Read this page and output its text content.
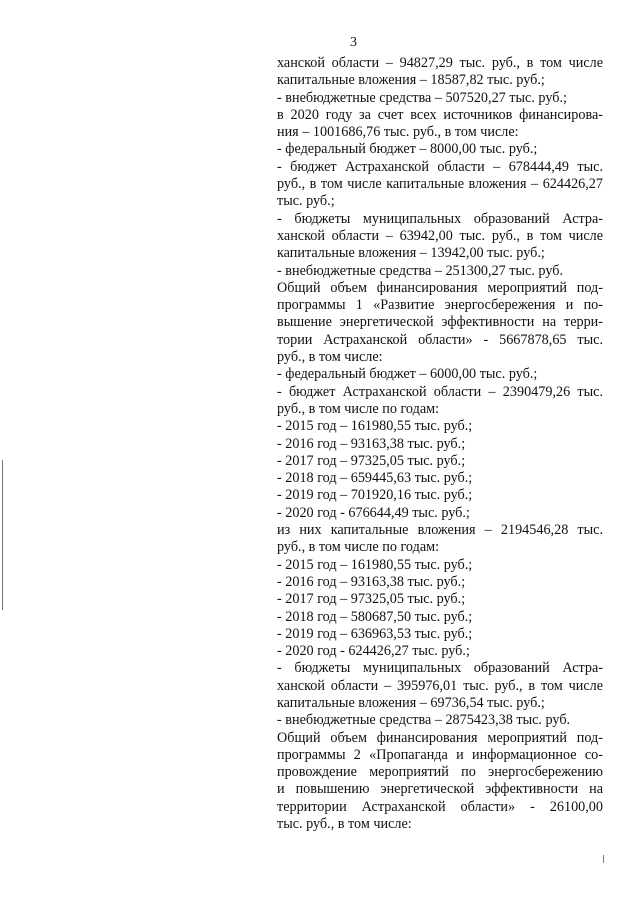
3
ханской области – 94827,29 тыс. руб., в том числе
капитальные вложения – 18587,82 тыс. руб.;
- внебюджетные средства – 507520,27 тыс. руб.;
в 2020 году за счет всех источников финансирова-
ния – 1001686,76 тыс. руб., в том числе:
- федеральный бюджет – 8000,00 тыс. руб.;
- бюджет Астраханской области – 678444,49 тыс.
руб., в том числе капитальные вложения – 624426,27
тыс. руб.;
- бюджеты муниципальных образований Астра-
ханской области – 63942,00 тыс. руб., в том числе
капитальные вложения – 13942,00 тыс. руб.;
- внебюджетные средства – 251300,27 тыс. руб.
Общий объем финансирования мероприятий под-
программы 1 «Развитие энергосбережения и по-
вышение энергетической эффективности на терри-
тории Астраханской области» - 5667878,65 тыс.
руб., в том числе:
- федеральный бюджет – 6000,00 тыс. руб.;
- бюджет Астраханской области – 2390479,26 тыс.
руб., в том числе по годам:
- 2015 год – 161980,55 тыс. руб.;
- 2016 год – 93163,38 тыс. руб.;
- 2017 год – 97325,05 тыс. руб.;
- 2018 год – 659445,63 тыс. руб.;
- 2019 год – 701920,16 тыс. руб.;
- 2020 год - 676644,49 тыс. руб.;
из них капитальные вложения – 2194546,28 тыс.
руб., в том числе по годам:
- 2015 год – 161980,55 тыс. руб.;
- 2016 год – 93163,38 тыс. руб.;
- 2017 год – 97325,05 тыс. руб.;
- 2018 год – 580687,50 тыс. руб.;
- 2019 год – 636963,53 тыс. руб.;
- 2020 год - 624426,27 тыс. руб.;
- бюджеты муниципальных образований Астра-
ханской области – 395976,01 тыс. руб., в том числе
капитальные вложения – 69736,54 тыс. руб.;
- внебюджетные средства – 2875423,38 тыс. руб.
Общий объем финансирования мероприятий под-
программы 2 «Пропаганда и информационное со-
провождение мероприятий по энергосбережению
и повышению энергетической эффективности на
территории Астраханской области» - 26100,00
тыс. руб., в том числе:
